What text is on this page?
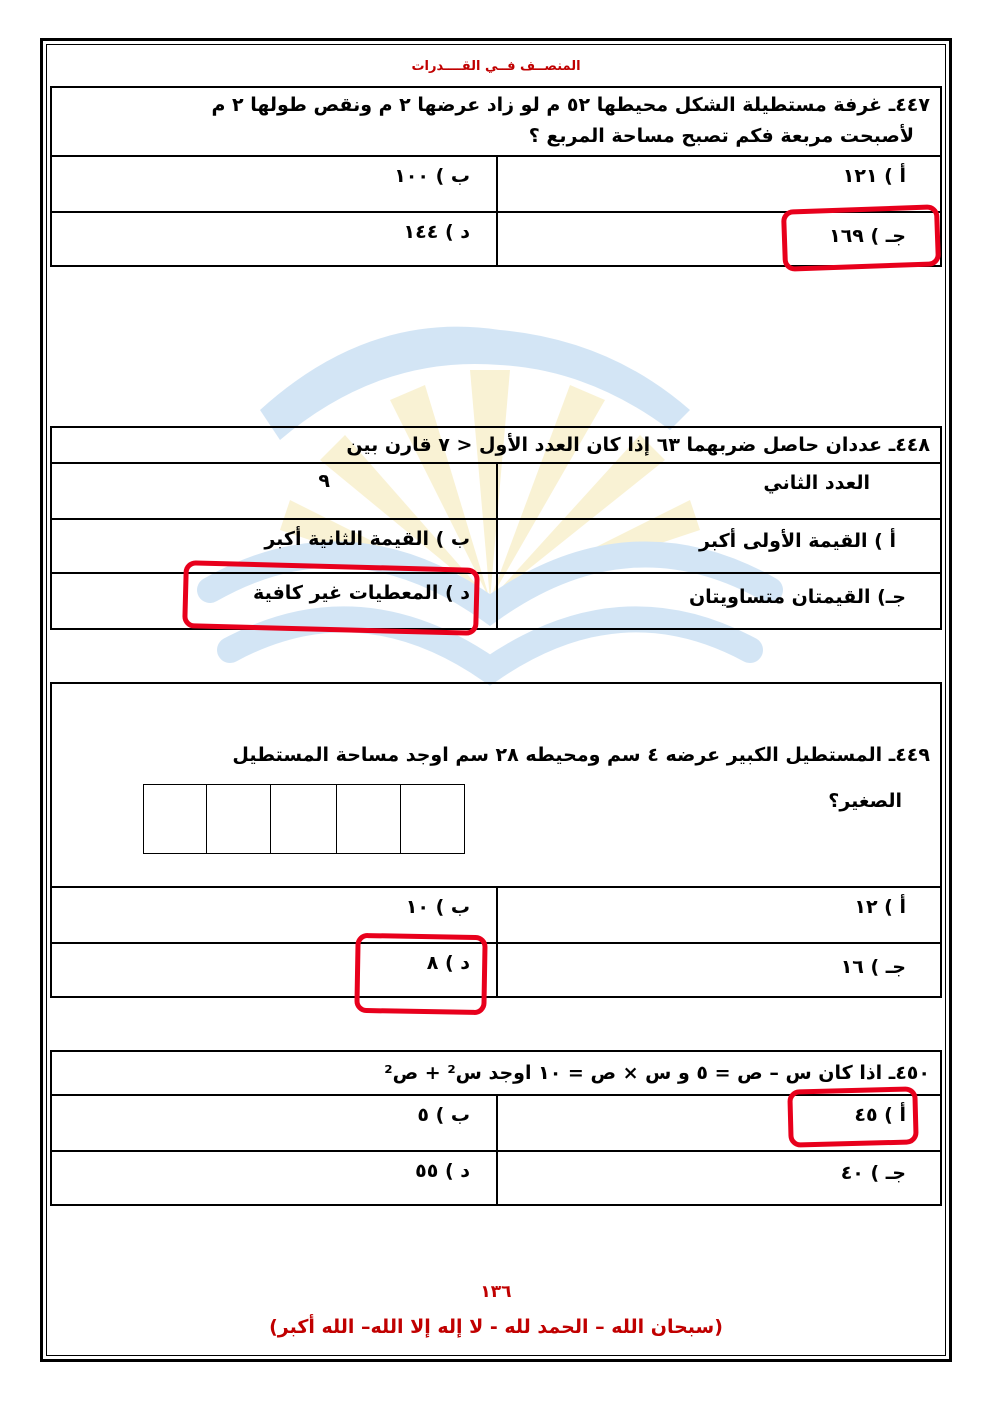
المنصــف فــي القــــدرات
٤٤٧ـ غرفة مستطيلة الشكل محيطها ٥٢ م لو زاد عرضها ٢ م ونقص طولها ٢ م
لأصبحت مربعة فكم تصبح مساحة المربع ؟
أ ) ١٢١
ب ) ١٠٠
جـ ) ١٦٩
د ) ١٤٤
٤٤٨ـ عددان حاصل ضربهما ٦٣ إذا كان العدد الأول < ٧ قارن بين
العدد الثاني
٩
أ ) القيمة الأولى أكبر
ب ) القيمة الثانية أكبر
جـ) القيمتان متساويتان
د ) المعطيات غير كافية
٤٤٩ـ المستطيل الكبير عرضه ٤ سم ومحيطه ٢٨ سم اوجد مساحة المستطيل
الصغير؟
أ ) ١٢
ب ) ١٠
جـ ) ١٦
د ) ٨
٤٥٠ـ اذا كان س – ص = ٥ و س × ص = ١٠ اوجد س² + ص²
أ ) ٤٥
ب ) ٥
جـ ) ٤٠
د ) ٥٥
١٣٦
(سبحان الله – الحمد لله - لا إله إلا الله– الله أكبر)
